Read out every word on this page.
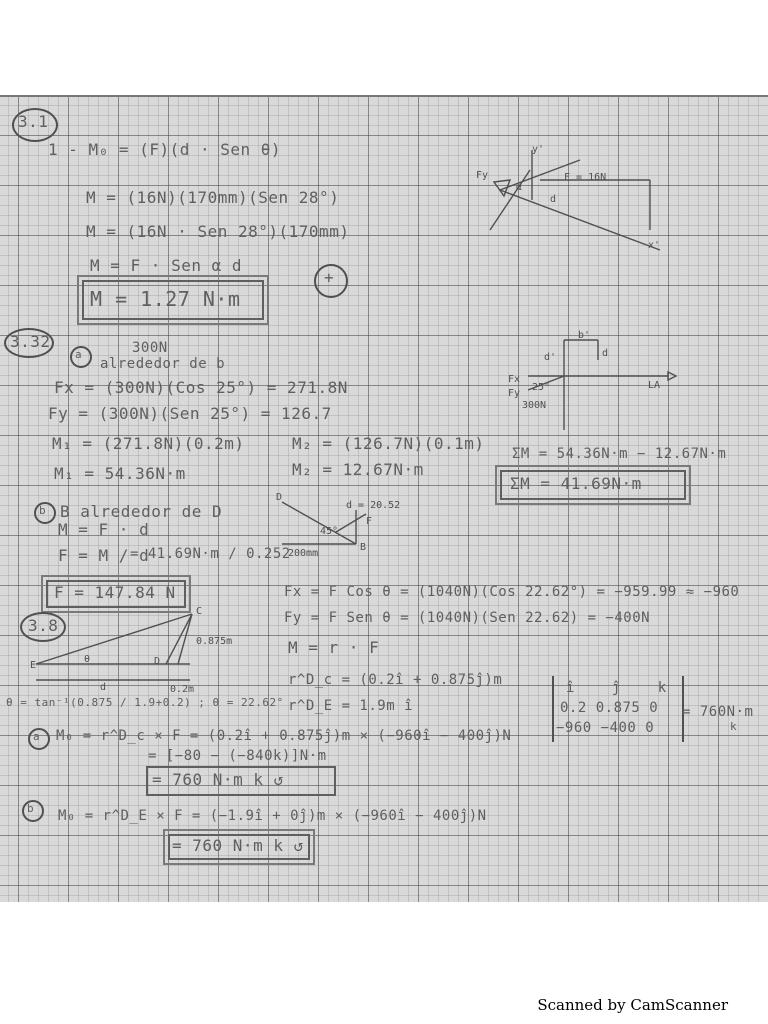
3.1
1 - M₀ = (F)(d · Sen θ)
M = (16N)(170mm)(Sen 28°)
M = (16N · Sen 28°)(170mm)
M = F · Sen α d
M = 1.27 N·m
+
Fy	F = 16N
x'
y'
α
d
3.32
a	300N
alrededor de b
Fx = (300N)(Cos 25°) = 271.8N
Fy = (300N)(Sen 25°) = 126.7
M₁ = (271.8N)(0.2m)	M₂ = (126.7N)(0.1m)
M₁ = 54.36N·m	M₂ = 12.67N·m
ΣM = 54.36N·m − 12.67N·m
ΣM = 41.69N·m
Fx
Fy
300N
25°
d'	d
LA
b'
b B alrededor de D
M = F · d
F = M / d
= 41.69N·m / 0.252
F = 147.84 N
D
d = 20.52
45°
F
200mm
B
3.8
Fx = F Cos θ = (1040N)(Cos 22.62°) = −959.99 ≈ −960
Fy = F Sen θ = (1040N)(Sen 22.62) = −400N
M = r · F
r^D_c = (0.2î + 0.875ĵ)m
θ = tan⁻¹(0.875 / 1.9+0.2) ; θ = 22.62° r^D_E = 1.9m î
E
C
D
θ
d
0.875m
0.2m
a M₀ = r^D_c × F = (0.2î + 0.875ĵ)m × (−960î − 400ĵ)N
= [−80 − (−840k)]N·m
= 760 N·m k ↺
î ĵ k
0.2 0.875 0
−960 −400 0
= 760N·m
k
b M₀ = r^D_E × F = (−1.9î + 0ĵ)m × (−960î − 400ĵ)N
= 760 N·m k ↺
Scanned by CamScanner
